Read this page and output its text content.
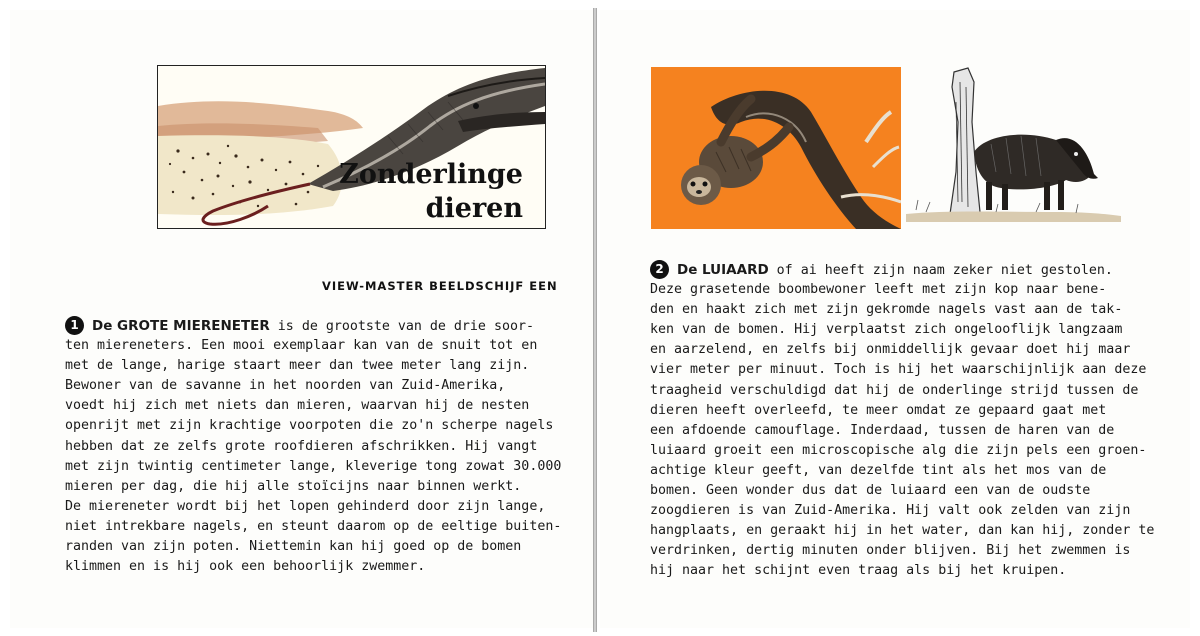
Zonderlinge
dieren
VIEW-MASTER BEELDSCHIJF EEN
1 De GROTE MIERENETER is de grootste van de drie soor-
ten miereneters. Een mooi exemplaar kan van de snuit tot en
met de lange, harige staart meer dan twee meter lang zijn.
Bewoner van de savanne in het noorden van Zuid-Amerika,
voedt hij zich met niets dan mieren, waarvan hij de nesten
openrijt met zijn krachtige voorpoten die zo'n scherpe nagels
hebben dat ze zelfs grote roofdieren afschrikken. Hij vangt
met zijn twintig centimeter lange, kleverige tong zowat 30.000
mieren per dag, die hij alle stoïcijns naar binnen werkt.
De miereneter wordt bij het lopen gehinderd door zijn lange,
niet intrekbare nagels, en steunt daarom op de eeltige buiten-
randen van zijn poten. Niettemin kan hij goed op de bomen
klimmen en is hij ook een behoorlijk zwemmer.
2 De LUIAARD of ai heeft zijn naam zeker niet gestolen.
Deze grasetende boombewoner leeft met zijn kop naar bene-
den en haakt zich met zijn gekromde nagels vast aan de tak-
ken van de bomen. Hij verplaatst zich ongelooflijk langzaam
en aarzelend, en zelfs bij onmiddellijk gevaar doet hij maar
vier meter per minuut. Toch is hij het waarschijnlijk aan deze
traagheid verschuldigd dat hij de onderlinge strijd tussen de
dieren heeft overleefd, te meer omdat ze gepaard gaat met
een afdoende camouflage. Inderdaad, tussen de haren van de
luiaard groeit een microscopische alg die zijn pels een groen-
achtige kleur geeft, van dezelfde tint als het mos van de
bomen. Geen wonder dus dat de luiaard een van de oudste
zoogdieren is van Zuid-Amerika. Hij valt ook zelden van zijn
hangplaats, en geraakt hij in het water, dan kan hij, zonder te
verdrinken, dertig minuten onder blijven. Bij het zwemmen is
hij naar het schijnt even traag als bij het kruipen.
